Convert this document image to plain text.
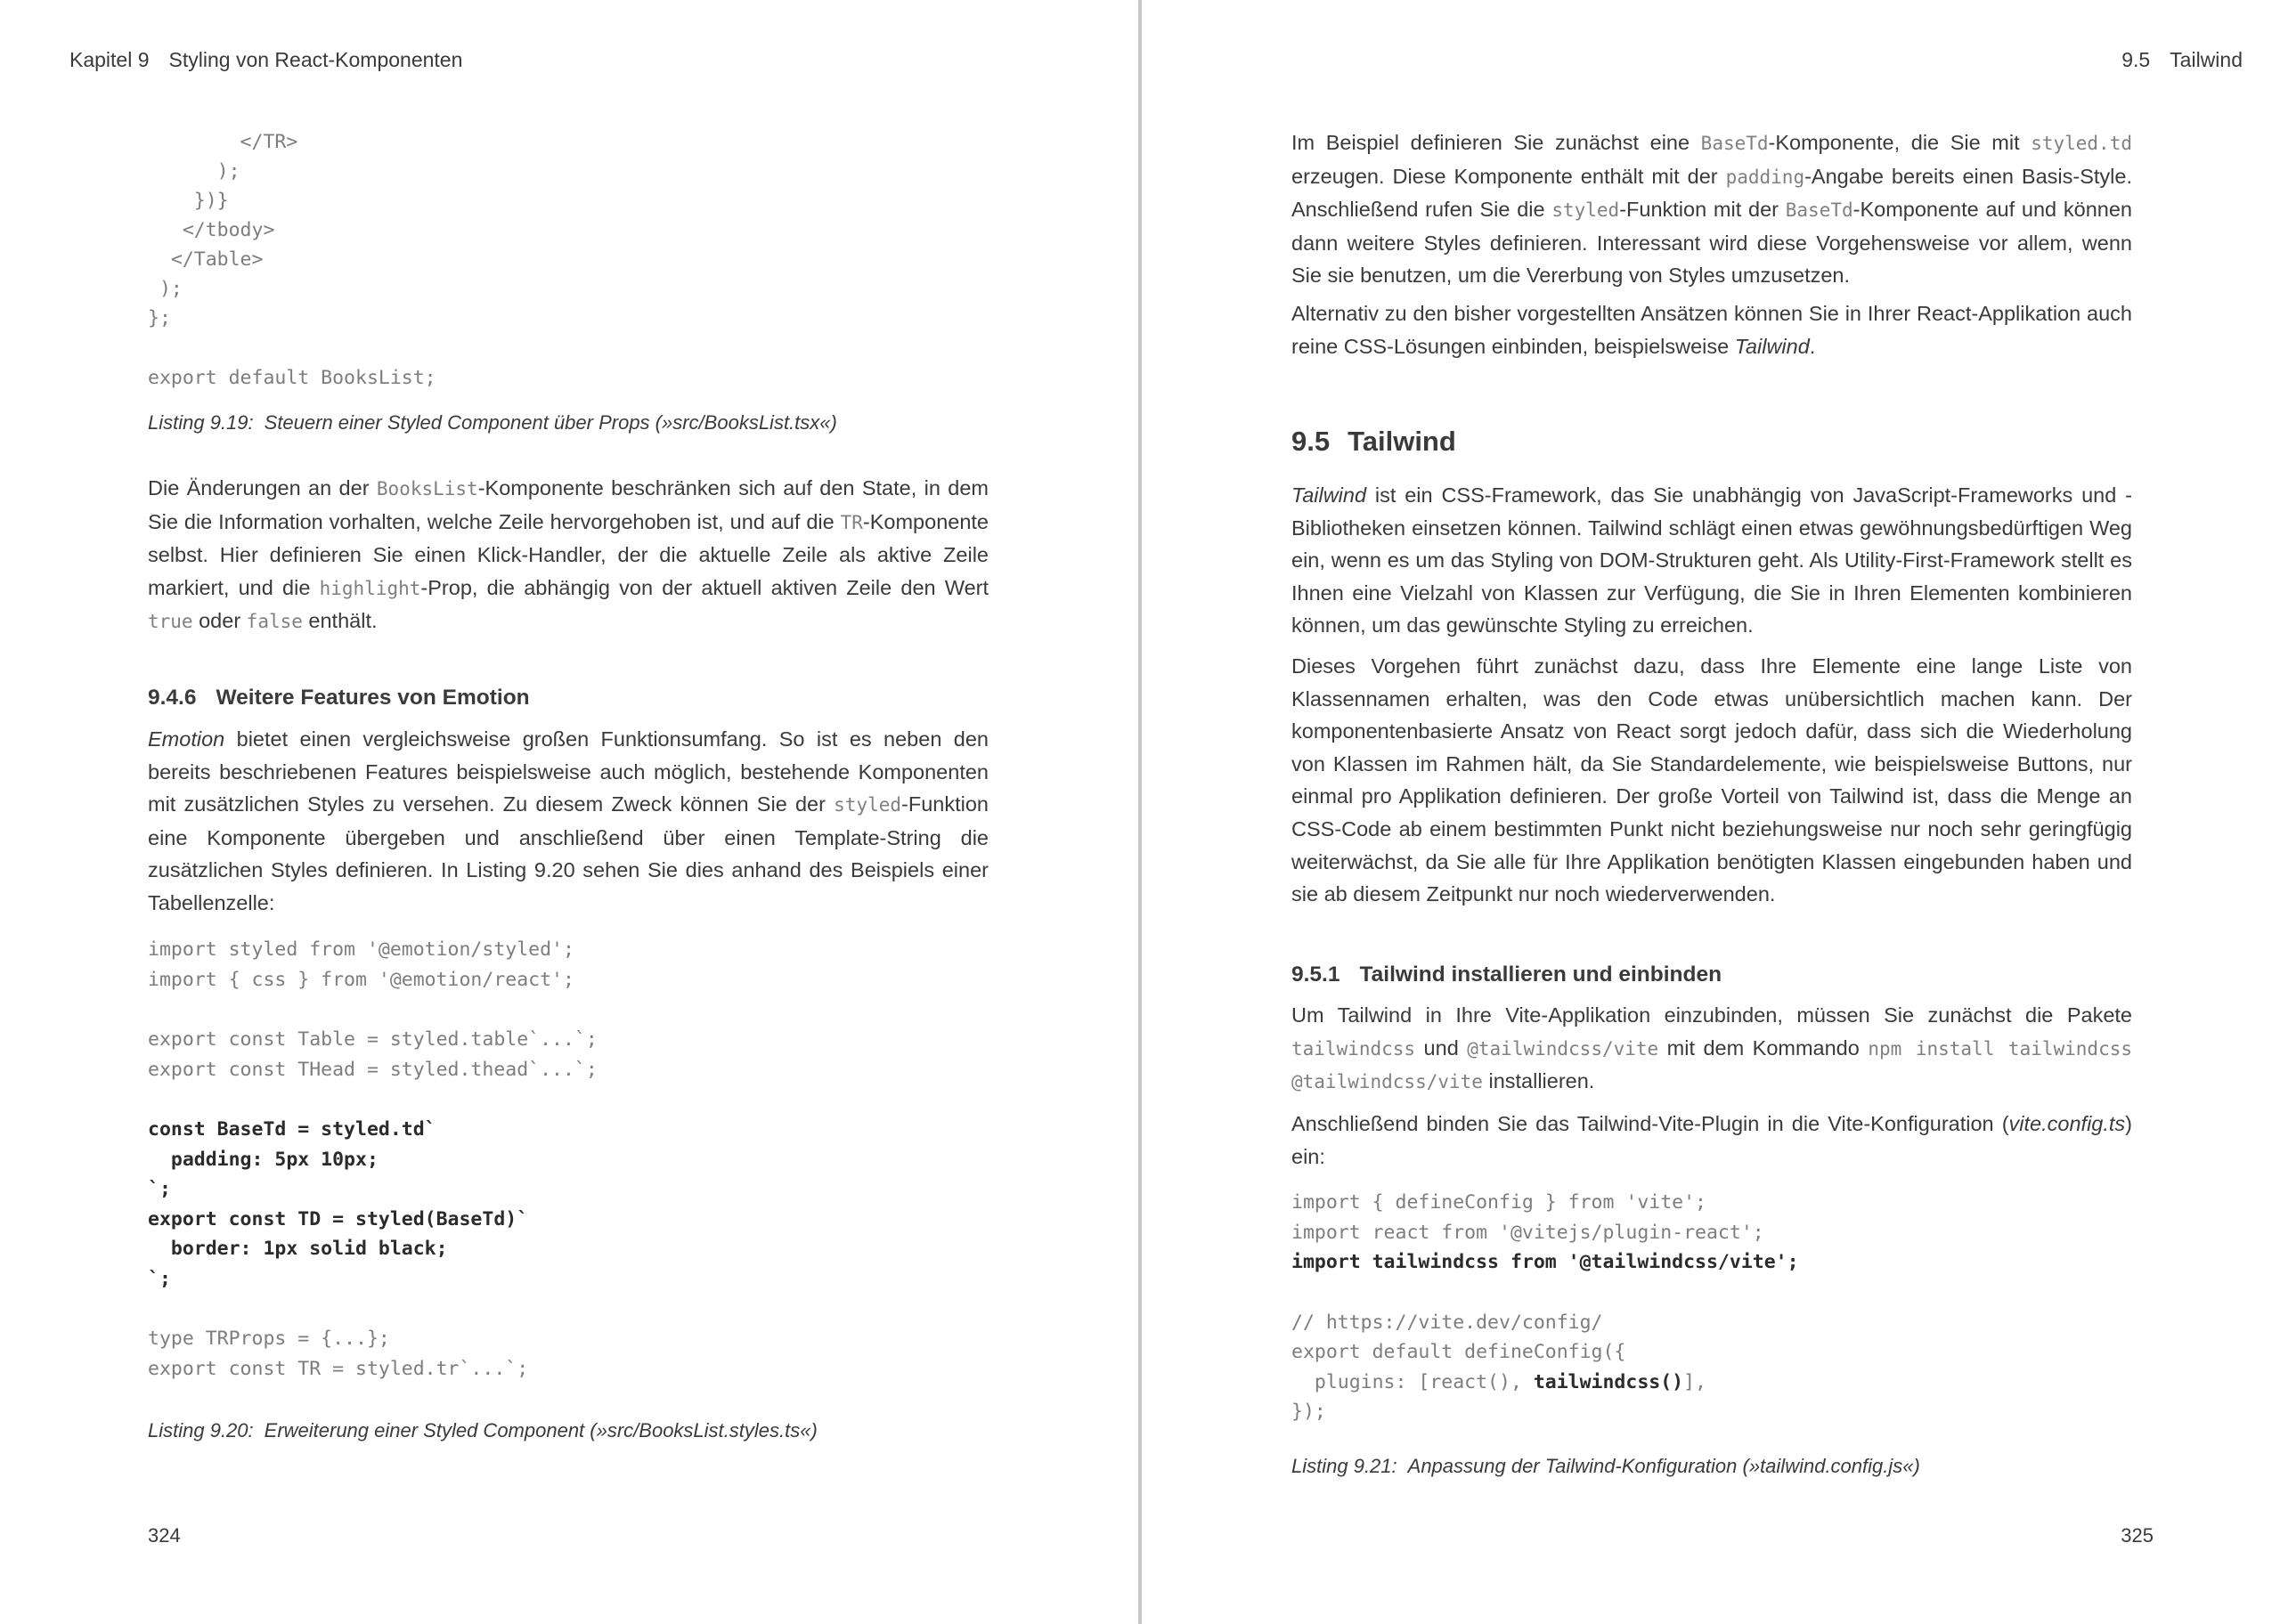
Kapitel 9 Styling von React-Komponenten
</TR>
);
})}
</tbody>
</Table>
);
};
export default BooksList;
Listing 9.19: Steuern einer Styled Component über Props (»src/BooksList.tsx«)

Die Änderungen an der BooksList-Komponente beschränken sich auf den State, in dem Sie die Information vorhalten, welche Zeile hervorgehoben ist, und auf die TR-Komponente selbst. Hier definieren Sie einen Klick-Handler, der die aktuelle Zeile als aktive Zeile markiert, und die highlight-Prop, die abhängig von der aktuell aktiven Zeile den Wert true oder false enthält.

9.4.6 Weitere Features von Emotion

Emotion bietet einen vergleichsweise großen Funktionsumfang. So ist es neben den bereits beschriebenen Features beispielsweise auch möglich, bestehende Komponenten mit zusätzlichen Styles zu versehen. Zu diesem Zweck können Sie der styled-Funktion eine Komponente übergeben und anschließend über einen Template-String die zusätzlichen Styles definieren. In Listing 9.20 sehen Sie dies anhand des Beispiels einer Tabellenzelle:

import styled from '@emotion/styled';
import { css } from '@emotion/react';
export const Table = styled.table`...`;
export const THead = styled.thead`...`;
const BaseTd = styled.td`
padding: 5px 10px;
`;
export const TD = styled(BaseTd)`
border: 1px solid black;
`;
type TRProps = {...};
export const TR = styled.tr`...`;
Listing 9.20: Erweiterung einer Styled Component (»src/BooksList.styles.ts«)
324
9.5 Tailwind

Im Beispiel definieren Sie zunächst eine BaseTd-Komponente, die Sie mit styled.td erzeugen. Diese Komponente enthält mit der padding-Angabe bereits einen Basis-Style. Anschließend rufen Sie die styled-Funktion mit der BaseTd-Komponente auf und können dann weitere Styles definieren. Interessant wird diese Vorgehensweise vor allem, wenn Sie sie benutzen, um die Vererbung von Styles umzusetzen.

Alternativ zu den bisher vorgestellten Ansätzen können Sie in Ihrer React-Applikation auch reine CSS-Lösungen einbinden, beispielsweise Tailwind.

9.5 Tailwind

Tailwind ist ein CSS-Framework, das Sie unabhängig von JavaScript-Frameworks und -Bibliotheken einsetzen können. Tailwind schlägt einen etwas gewöhnungsbedürftigen Weg ein, wenn es um das Styling von DOM-Strukturen geht. Als Utility-First-Framework stellt es Ihnen eine Vielzahl von Klassen zur Verfügung, die Sie in Ihren Elementen kombinieren können, um das gewünschte Styling zu erreichen.

Dieses Vorgehen führt zunächst dazu, dass Ihre Elemente eine lange Liste von Klassennamen erhalten, was den Code etwas unübersichtlich machen kann. Der komponentenbasierte Ansatz von React sorgt jedoch dafür, dass sich die Wiederholung von Klassen im Rahmen hält, da Sie Standardelemente, wie beispielsweise Buttons, nur einmal pro Applikation definieren. Der große Vorteil von Tailwind ist, dass die Menge an CSS-Code ab einem bestimmten Punkt nicht beziehungsweise nur noch sehr geringfügig weiterwächst, da Sie alle für Ihre Applikation benötigten Klassen eingebunden haben und sie ab diesem Zeitpunkt nur noch wiederverwenden.

9.5.1 Tailwind installieren und einbinden

Um Tailwind in Ihre Vite-Applikation einzubinden, müssen Sie zunächst die Pakete tailwindcss und @tailwindcss/vite mit dem Kommando npm install tailwindcss @tailwindcss/vite installieren.

Anschließend binden Sie das Tailwind-Vite-Plugin in die Vite-Konfiguration (vite.config.ts) ein:

import { defineConfig } from 'vite';
import react from '@vitejs/plugin-react';
import tailwindcss from '@tailwindcss/vite';
// https://vite.dev/config/
export default defineConfig({
plugins: [react(), tailwindcss()],
});
Listing 9.21: Anpassung der Tailwind-Konfiguration (»tailwind.config.js«)
325
